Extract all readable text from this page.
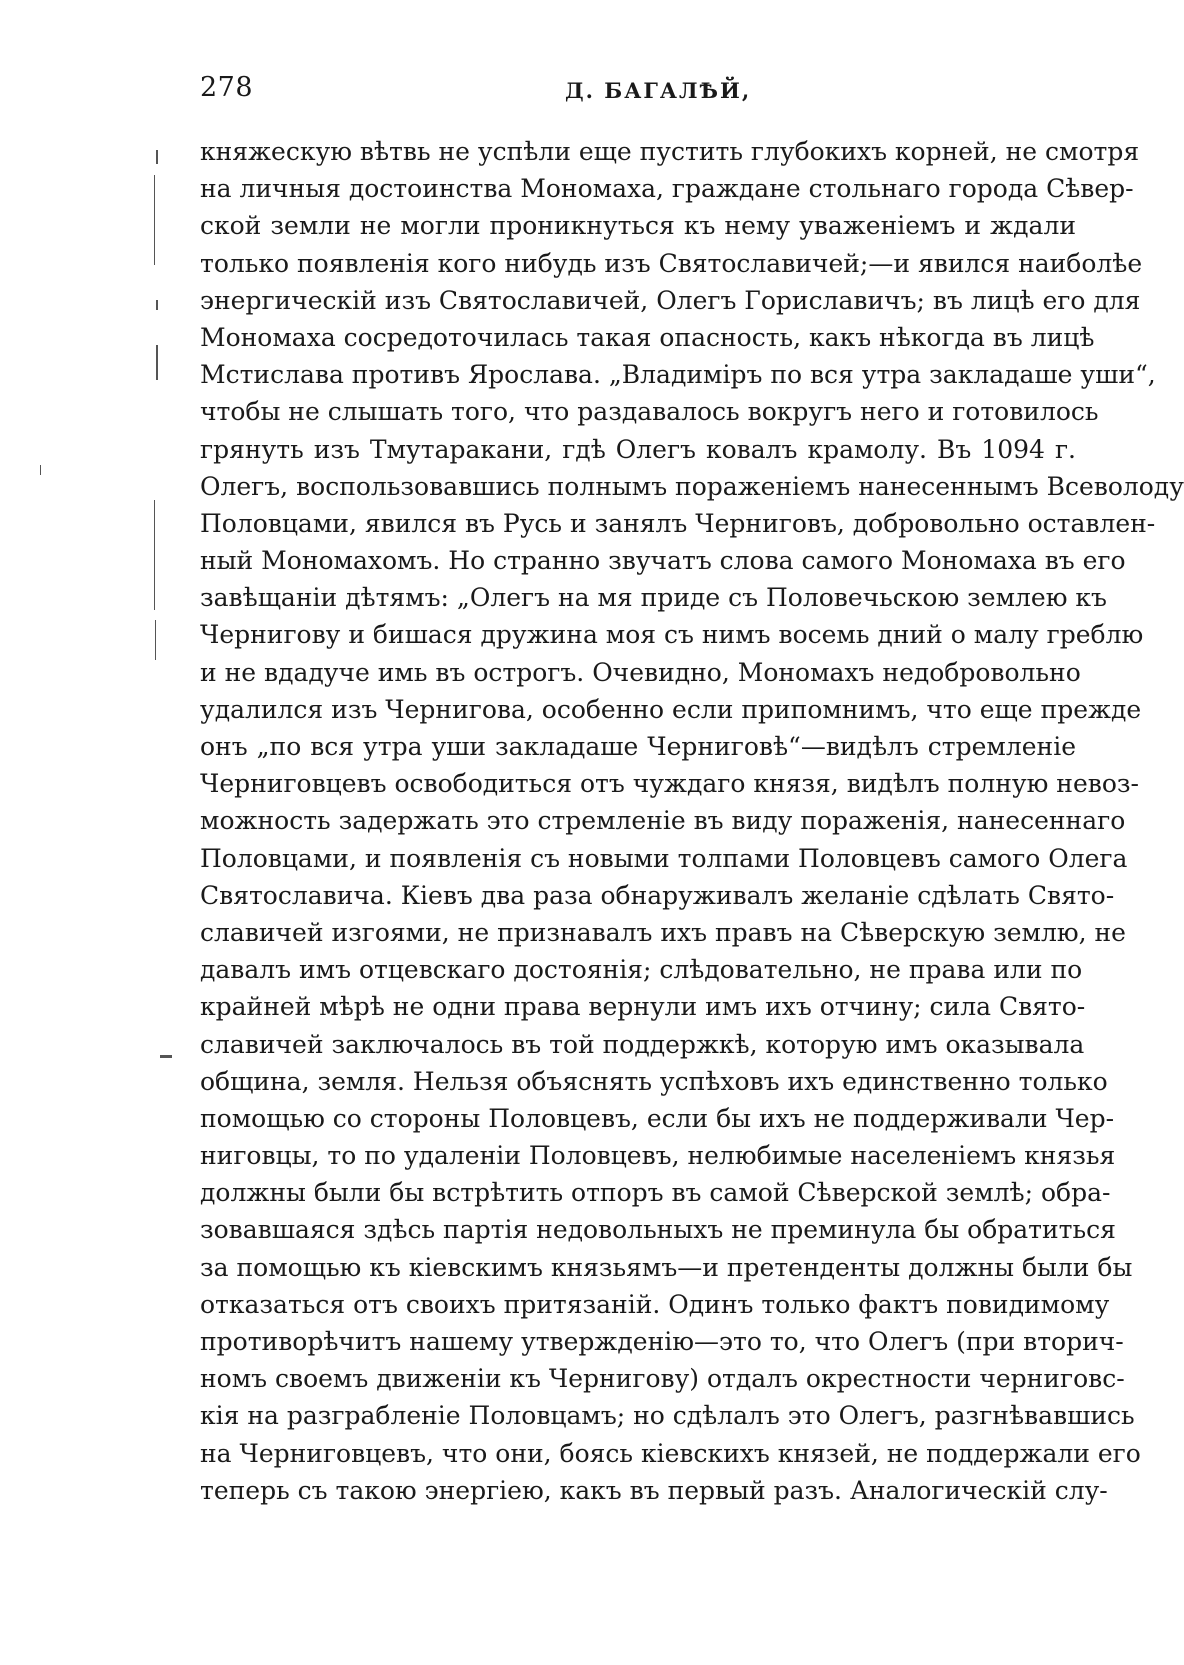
278	Д. БАГАЛѢЙ,
княжескую вѣтвь не успѣли еще пустить глубокихъ корней, не смотря
на личныя достоинства Мономаха, граждане стольнаго города Сѣвер-
ской земли не могли проникнуться къ нему уваженіемъ и ждали
только появленія кого нибудь изъ Святославичей;—и явился наиболѣе
энергическій изъ Святославичей, Олегъ Гориславичъ; въ лицѣ его для
Мономаха сосредоточилась такая опасность, какъ нѣкогда въ лицѣ
Мстислава противъ Ярослава. „Владиміръ по вся утра закладаше уши“,
чтобы не слышать того, что раздавалось вокругъ него и готовилось
грянуть изъ Тмутаракани, гдѣ Олегъ ковалъ крамолу. Въ 1094 г.
Олегъ, воспользовавшись полнымъ пораженіемъ нанесеннымъ Всеволоду
Половцами, явился въ Русь и занялъ Черниговъ, добровольно оставлен-
ный Мономахомъ. Но странно звучатъ слова самого Мономаха въ его
завѣщаніи дѣтямъ: „Олегъ на мя приде съ Половечьскою землею къ
Чернигову и бишася дружина моя съ нимъ восемь дний о малу греблю
и не вдадуче имь въ острогъ. Очевидно, Мономахъ недобровольно
удалился изъ Чернигова, особенно если припомнимъ, что еще прежде
онъ „по вся утра уши закладаше Черниговѣ“—видѣлъ стремленіе
Черниговцевъ освободиться отъ чуждаго князя, видѣлъ полную невоз-
можность задержать это стремленіе въ виду пораженія, нанесеннаго
Половцами, и появленія съ новыми толпами Половцевъ самого Олега
Святославича. Кіевъ два раза обнаруживалъ желаніе сдѣлать Свято-
славичей изгоями, не признавалъ ихъ правъ на Сѣверскую землю, не
давалъ имъ отцевскаго достоянія; слѣдовательно, не права или по
крайней мѣрѣ не одни права вернули имъ ихъ отчину; сила Свято-
славичей заключалось въ той поддержкѣ, которую имъ оказывала
община, земля. Нельзя объяснять успѣховъ ихъ единственно только
помощью со стороны Половцевъ, если бы ихъ не поддерживали Чер-
ниговцы, то по удаленіи Половцевъ, нелюбимые населеніемъ князья
должны были бы встрѣтить отпоръ въ самой Сѣверской землѣ; обра-
зовавшаяся здѣсь партія недовольныхъ не преминула бы обратиться
за помощью къ кіевскимъ князьямъ—и претенденты должны были бы
отказаться отъ своихъ притязаній. Одинъ только фактъ повидимому
противорѣчитъ нашему утвержденію—это то, что Олегъ (при вторич-
номъ своемъ движеніи къ Чернигову) отдалъ окрестности черниговс-
кія на разграбленіе Половцамъ; но сдѣлалъ это Олегъ, разгнѣвавшись
на Черниговцевъ, что они, боясь кіевскихъ князей, не поддержали его
теперь съ такою энергіею, какъ въ первый разъ. Аналогическій слу-
